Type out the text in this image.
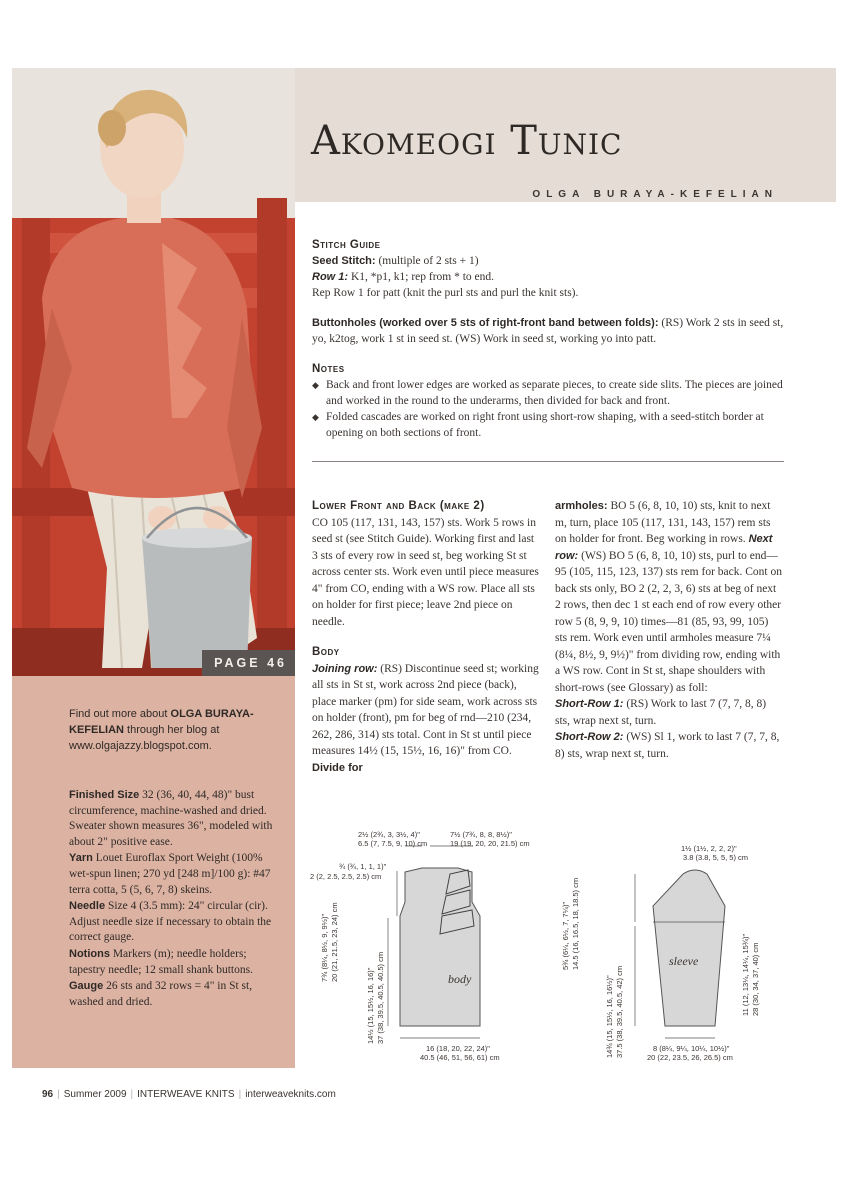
PAGE 46
Akomeogi Tunic
OLGA BURAYA-KEFELIAN
Find out more about OLGA BURAYA-KEFELIAN through her blog at www.olgajazzy.blogspot.com.
Finished Size 32 (36, 40, 44, 48)" bust circumference, machine-washed and dried. Sweater shown measures 36", modeled with about 2" positive ease.
Yarn Louet Euroflax Sport Weight (100% wet-spun linen; 270 yd [248 m]/100 g): #47 terra cotta, 5 (5, 6, 7, 8) skeins.
Needle Size 4 (3.5 mm): 24" circular (cir). Adjust needle size if necessary to obtain the correct gauge.
Notions Markers (m); needle holders; tapestry needle; 12 small shank buttons.
Gauge 26 sts and 32 rows = 4" in St st, washed and dried.
Stitch Guide
Seed Stitch: (multiple of 2 sts + 1)
Row 1: K1, *p1, k1; rep from * to end.
Rep Row 1 for patt (knit the purl sts and purl the knit sts).
Buttonholes (worked over 5 sts of right-front band between folds): (RS) Work 2 sts in seed st, yo, k2tog, work 1 st in seed st. (WS) Work in seed st, working yo into patt.
Notes
◆ Back and front lower edges are worked as separate pieces, to create side slits. The pieces are joined and worked in the round to the underarms, then divided for back and front.
◆ Folded cascades are worked on right front using short-row shaping, with a seed-stitch border at opening on both sections of front.
Lower Front and Back (make 2)
CO 105 (117, 131, 143, 157) sts. Work 5 rows in seed st (see Stitch Guide). Working first and last 3 sts of every row in seed st, beg working St st across center sts. Work even until piece measures 4" from CO, ending with a WS row. Place all sts on holder for first piece; leave 2nd piece on needle.
Body
Joining row: (RS) Discontinue seed st; working all sts in St st, work across 2nd piece (back), place marker (pm) for side seam, work across sts on holder (front), pm for beg of rnd—210 (234, 262, 286, 314) sts total. Cont in St st until piece measures 14½ (15, 15½, 16, 16)" from CO. Divide for
armholes: BO 5 (6, 8, 10, 10) sts, knit to next m, turn, place 105 (117, 131, 143, 157) rem sts on holder for front. Beg working in rows. Next row: (WS) BO 5 (6, 8, 10, 10) sts, purl to end—95 (105, 115, 123, 137) sts rem for back. Cont on back sts only, BO 2 (2, 2, 3, 6) sts at beg of next 2 rows, then dec 1 st each end of row every other row 5 (8, 9, 9, 10) times—81 (85, 93, 99, 105) sts rem. Work even until armholes measure 7¼ (8¼, 8½, 9, 9½)" from dividing row, ending with a WS row. Cont in St st, shape shoulders with short-rows (see Glossary) as foll:
Short-Row 1: (RS) Work to last 7 (7, 7, 8, 8) sts, wrap next st, turn.
Short-Row 2: (WS) Sl 1, work to last 7 (7, 7, 8, 8) sts, wrap next st, turn.
2½ (2¾, 3, 3½, 4)"
6.5 (7, 7.5, 9, 10) cm
7½ (7¾, 8, 8, 8½)"
19 (19, 20, 20, 21.5) cm
¾ (¾, 1, 1, 1)"
2 (2, 2.5, 2.5, 2.5) cm
7¾ (8¼, 8½, 9, 9½)" 20 (21, 21.5, 23, 24) cm
14½ (15, 15½, 16, 16)" 37 (38, 39.5, 40.5, 40.5) cm	body
16 (18, 20, 22, 24)"
40.5 (46, 51, 56, 61) cm
1½ (1½, 2, 2, 2)"
3.8 (3.8, 5, 5, 5) cm
5¾ (6¼, 6½, 7, 7¼)" 14.5 (16, 16.5, 18, 18.5) cm
14¾ (15, 15½, 16, 16½)" 37.5 (38, 39.5, 40.5, 42) cm	11 (12, 13¼, 14¼, 15¾)" 28 (30, 34, 37, 40) cm
sleeve
8 (8¼, 9¼, 10¼, 10½)"
20 (22, 23.5, 26, 26.5) cm
96 | Summer 2009 | INTERWEAVE KNITS | interweaveknits.com
